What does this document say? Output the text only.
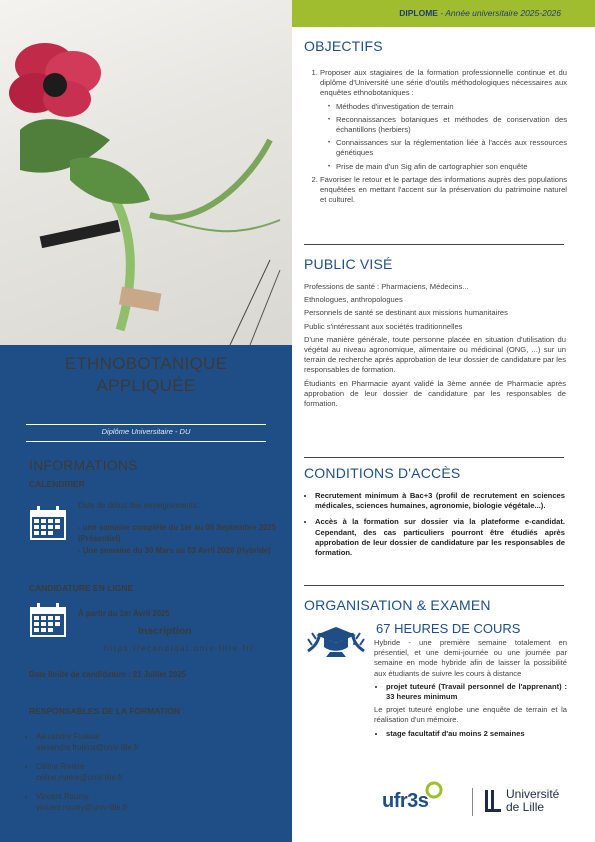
DIPLOME - Année universitaire 2025-2026
ETHNOBOTANIQUE
APPLIQUÉE
Diplôme Universitaire - DU
INFORMATIONS
CALENDRIER
Date de début des enseignements :
- une semaine complète du 1er au 05 Septembre 2025 (Présentiel)
- Une semaine du 30 Mars au 03 Avril 2026 (Hybride)
CANDIDATURE EN LIGNE
À partir du 1er Avril 2025
Inscription
https://ecandidat.univ-lille.fr/
Date limite de candidature : 21 Juillet 2025
RESPONSABLES DE LA FORMATION :
• Alexandre Fruleux
alexandre.fruleux@univ-lille.fr
• Céline Rivière
celine.riviere@univ-lille.fr
• Vincent Roumy
vincent.roumy@univ-lille.fr
OBJECTIFS
1. Proposer aux stagiaires de la formation professionnelle continue et du diplôme d'Université une série d'outils méthodologiques nécessaires aux enquêtes ethnobotaniques :
• Méthodes d'investigation de terrain
• Reconnaissances botaniques et méthodes de conservation des échantillons (herbiers)
• Connaissances sur la réglementation liée à l'accès aux ressources génétiques
• Prise de main d'un Sig afin de cartographier son enquête
2. Favoriser le retour et le partage des informations auprès des populations enquêtées en mettant l'accent sur la préservation du patrimoine naturel et culturel.
PUBLIC VISÉ

Professions de santé : Pharmaciens, Médecins...

Ethnologues, anthropologues

Personnels de santé se destinant aux missions humanitaires

Public s'intéressant aux sociétés traditionnelles

D'une manière générale, toute personne placée en situation d'utilisation du végétal au niveau agronomique, alimentaire ou médicinal (ONG, ...) sur un terrain de recherche après approbation de leur dossier de candidature par les responsables de formation.

Étudiants en Pharmacie ayant validé la 3ème année de Pharmacie après approbation de leur dossier de candidature par les responsables de formation.

CONDITIONS D'ACCÈS
• Recrutement minimum à Bac+3 (profil de recrutement en sciences médicales, sciences humaines, agronomie, biologie végétale...).
• Accès à la formation sur dossier via la plateforme e-candidat. Cependant, des cas particuliers pourront être étudiés après approbation de leur dossier de candidature par les responsables de formation.
ORGANISATION & EXAMEN
67 HEURES DE COURS

Hybride - une première semaine totalement en présentiel, et une demi-journée ou une journée par semaine en mode hybride afin de laisser la possibilité aux étudiants de suivre les cours à distance

• projet tuteuré (Travail personnel de l'apprenant) : 33 heures minimum

Le projet tuteuré englobe une enquête de terrain et la réalisation d'un mémoire.

• stage facultatif d'au moins 2 semaines
ufr3s	Université
de Lille
